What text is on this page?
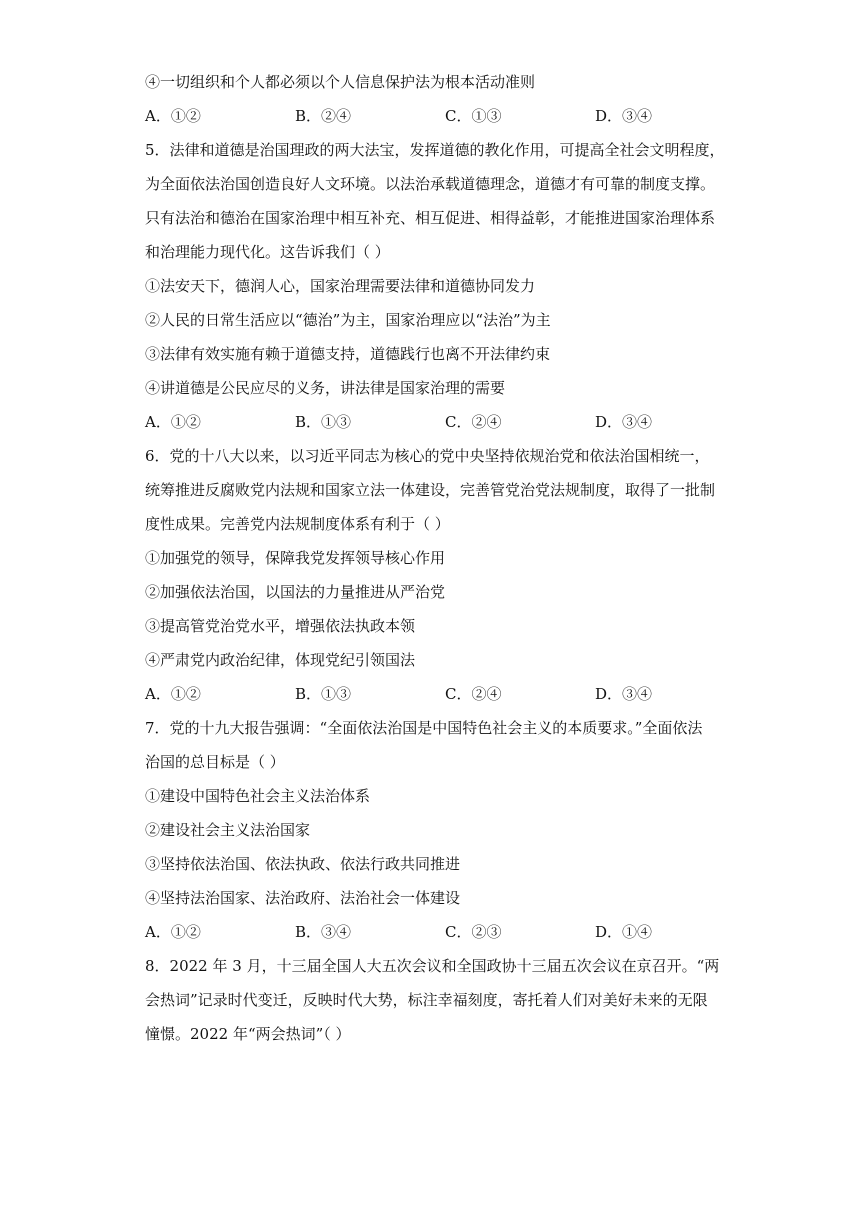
④一切组织和个人都必须以个人信息保护法为根本活动准则
A．①②	B．②④	C．①③	D．③④
5．法律和道德是治国理政的两大法宝，发挥道德的教化作用，可提高全社会文明程度，
为全面依法治国创造良好人文环境。以法治承载道德理念，道德才有可靠的制度支撑。
只有法治和德治在国家治理中相互补充、相互促进、相得益彰，才能推进国家治理体系
和治理能力现代化。这告诉我们（ ）
①法安天下，德润人心，国家治理需要法律和道德协同发力
②人民的日常生活应以“德治”为主，国家治理应以“法治”为主
③法律有效实施有赖于道德支持，道德践行也离不开法律约束
④讲道德是公民应尽的义务，讲法律是国家治理的需要
A．①②	B．①③	C．②④	D．③④
6．党的十八大以来，以习近平同志为核心的党中央坚持依规治党和依法治国相统一，
统筹推进反腐败党内法规和国家立法一体建设，完善管党治党法规制度，取得了一批制
度性成果。完善党内法规制度体系有利于（ ）
①加强党的领导，保障我党发挥领导核心作用
②加强依法治国，以国法的力量推进从严治党
③提高管党治党水平，增强依法执政本领
④严肃党内政治纪律，体现党纪引领国法
A．①②	B．①③	C．②④	D．③④
7．党的十九大报告强调：“全面依法治国是中国特色社会主义的本质要求。”全面依法
治国的总目标是（ ）
①建设中国特色社会主义法治体系
②建设社会主义法治国家
③坚持依法治国、依法执政、依法行政共同推进
④坚持法治国家、法治政府、法治社会一体建设
A．①②	B．③④	C．②③	D．①④
8．2022 年 3 月，十三届全国人大五次会议和全国政协十三届五次会议在京召开。“两
会热词”记录时代变迁，反映时代大势，标注幸福刻度，寄托着人们对美好未来的无限
憧憬。2022 年“两会热词”（ ）
